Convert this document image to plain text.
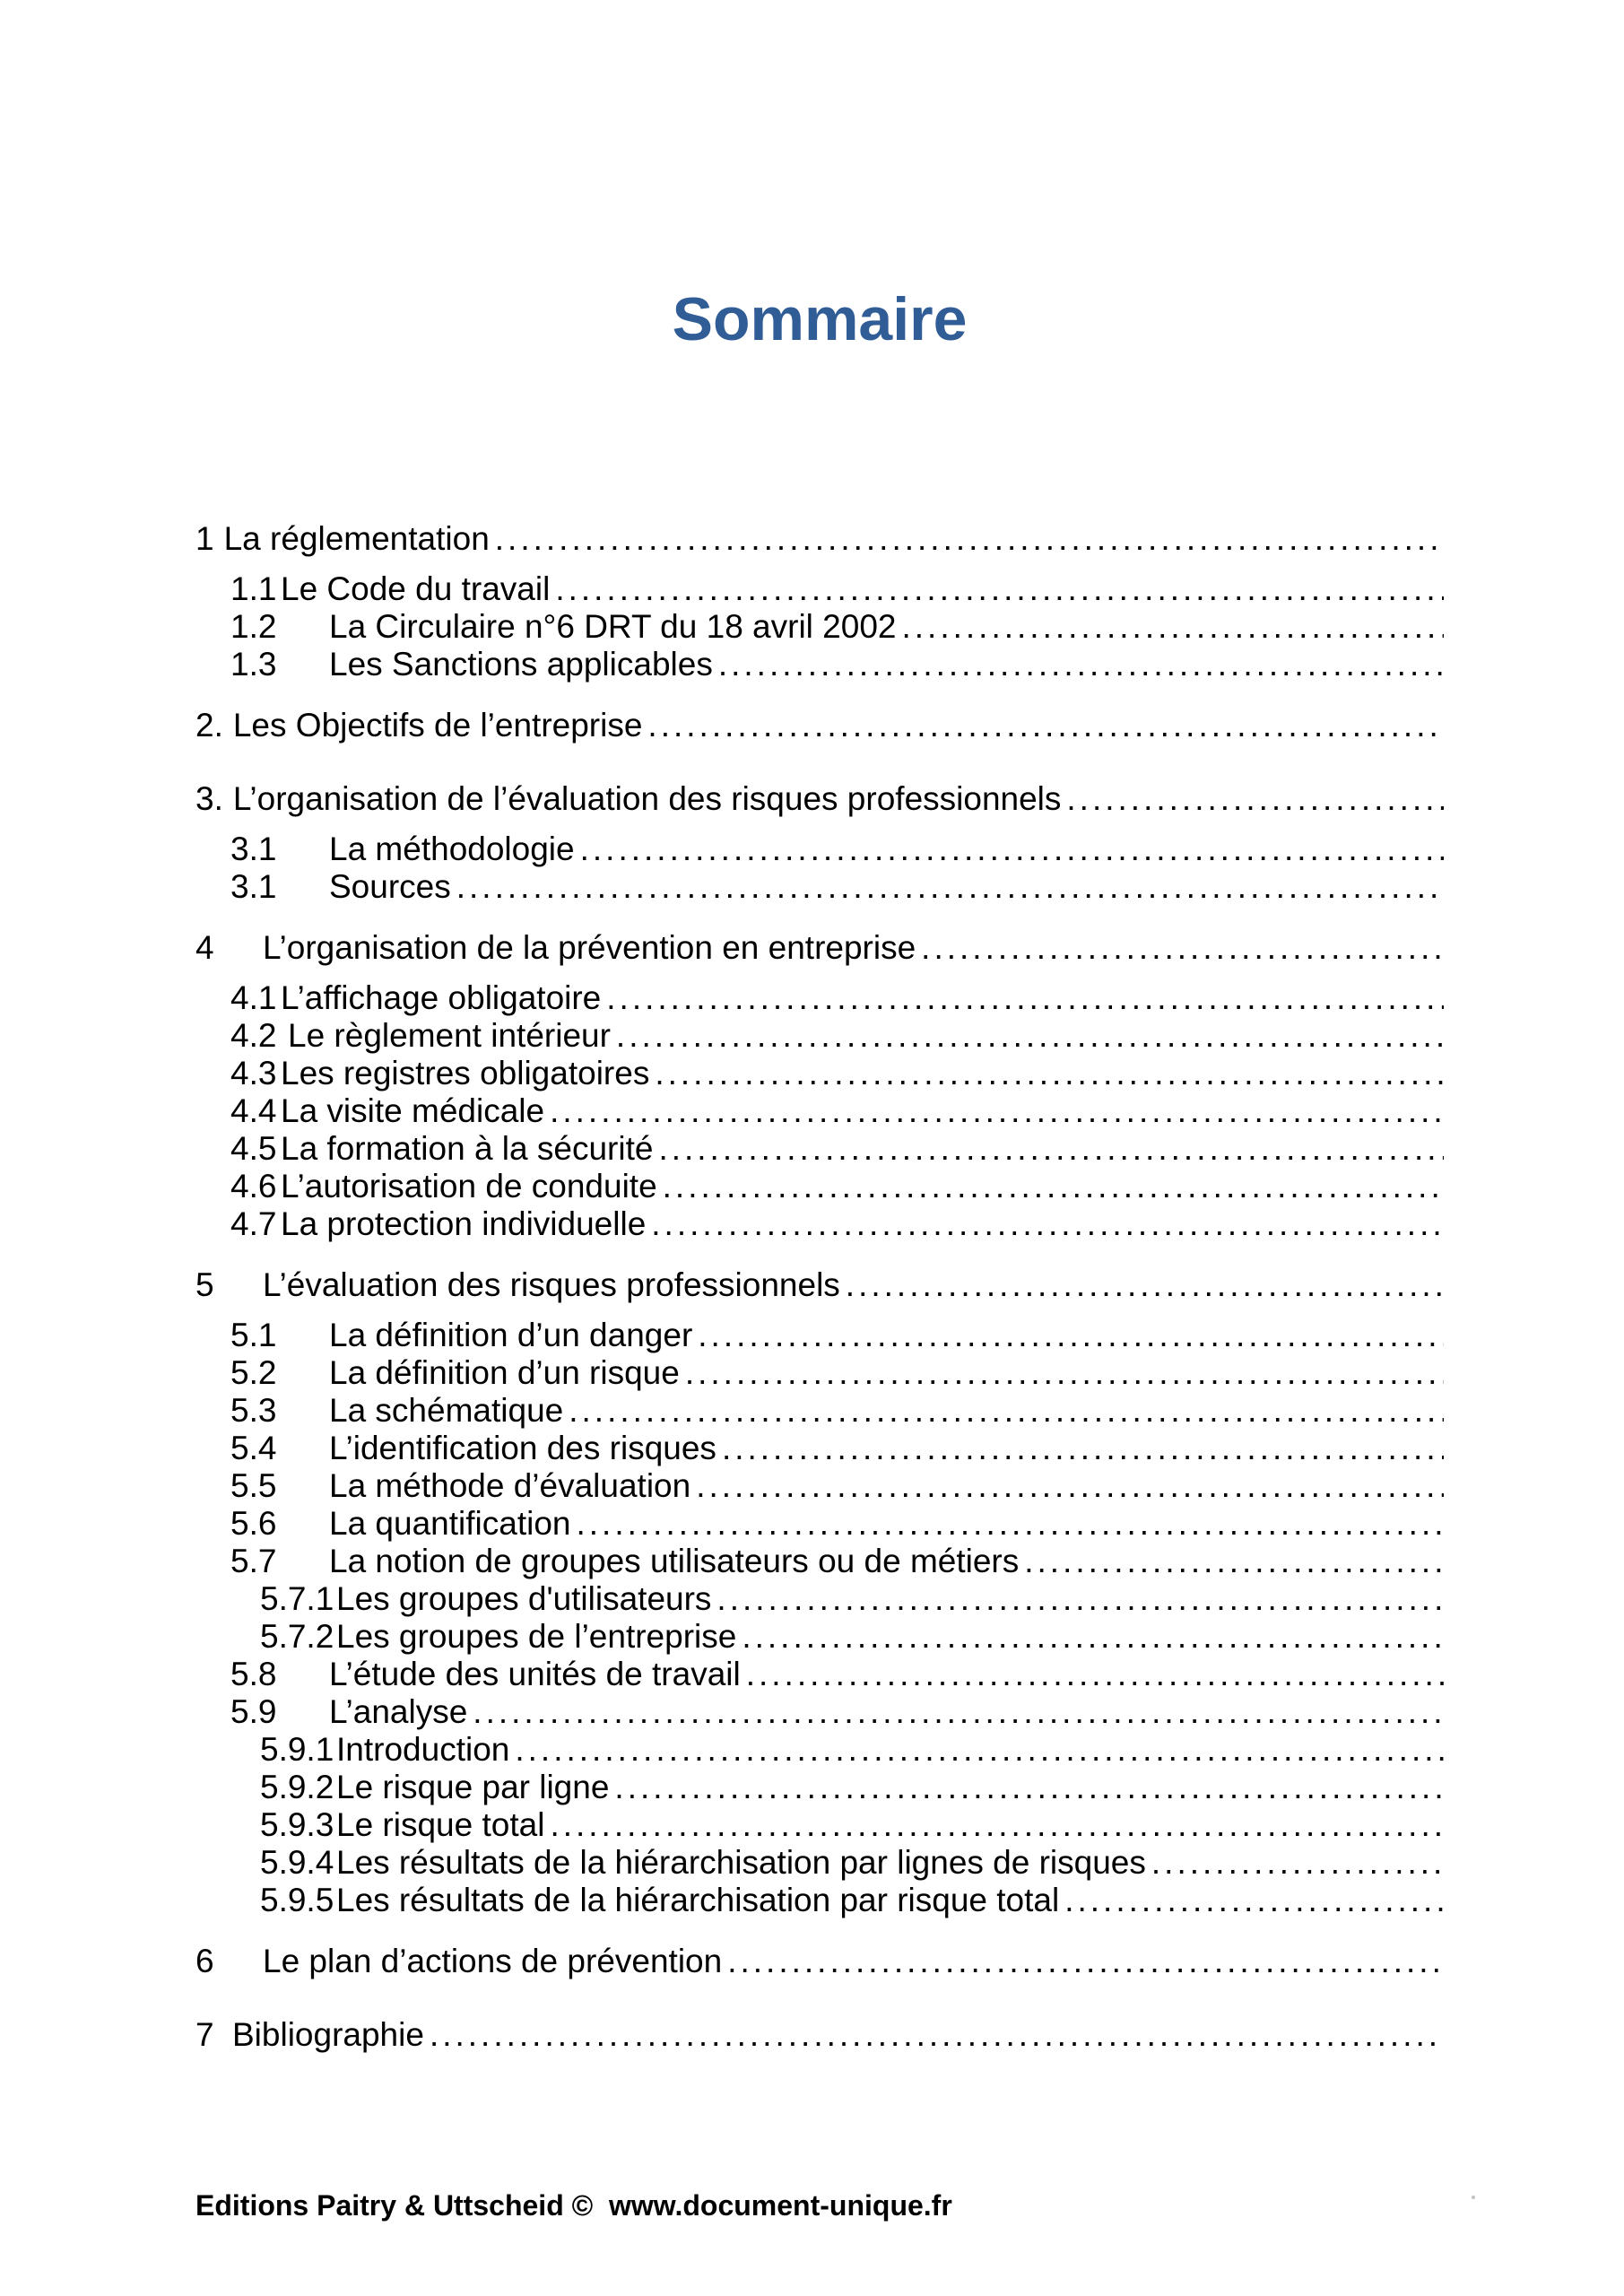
Sommaire
1 La réglementation
.....
1.1 Le Code du travail
.....
1.2	La Circulaire n°6 DRT du 18 avril 2002
.....
1.3	Les Sanctions applicables
.....
2. Les Objectifs de l’entreprise
.....
3. L’organisation de l’évaluation des risques professionnels
.....
3.1	La méthodologie
.....
3.1	Sources
.....
4	L’organisation de la prévention en entreprise
.....
4.1 L’affichage obligatoire
.....
4.2 Le règlement intérieur
.....
4.3 Les registres obligatoires
.....
4.4 La visite médicale
.....
4.5 La formation à la sécurité
.....
4.6 L’autorisation de conduite
.....
4.7 La protection individuelle
.....
5	L’évaluation des risques professionnels
.....
5.1	La définition d’un danger
.....
5.2	La définition d’un risque
.....
5.3	La schématique
.....
5.4	L’identification des risques
.....
5.5	La méthode d’évaluation
.....
5.6	La quantification
.....
5.7	La notion de groupes utilisateurs ou de métiers
.....
5.7.1 Les groupes d'utilisateurs
.....
5.7.2 Les groupes de l’entreprise
.....
5.8	L’étude des unités de travail
.....
5.9	L’analyse
.....
5.9.1 Introduction
.....
5.9.2 Le risque par ligne
.....
5.9.3 Le risque total
.....
5.9.4 Les résultats de la hiérarchisation par lignes de risques
.....
5.9.5 Les résultats de la hiérarchisation par risque total
.....
6	Le plan d’actions de prévention
.....
7 Bibliographie
.....
Editions Paitry & Uttscheid ©  www.document-unique.fr
